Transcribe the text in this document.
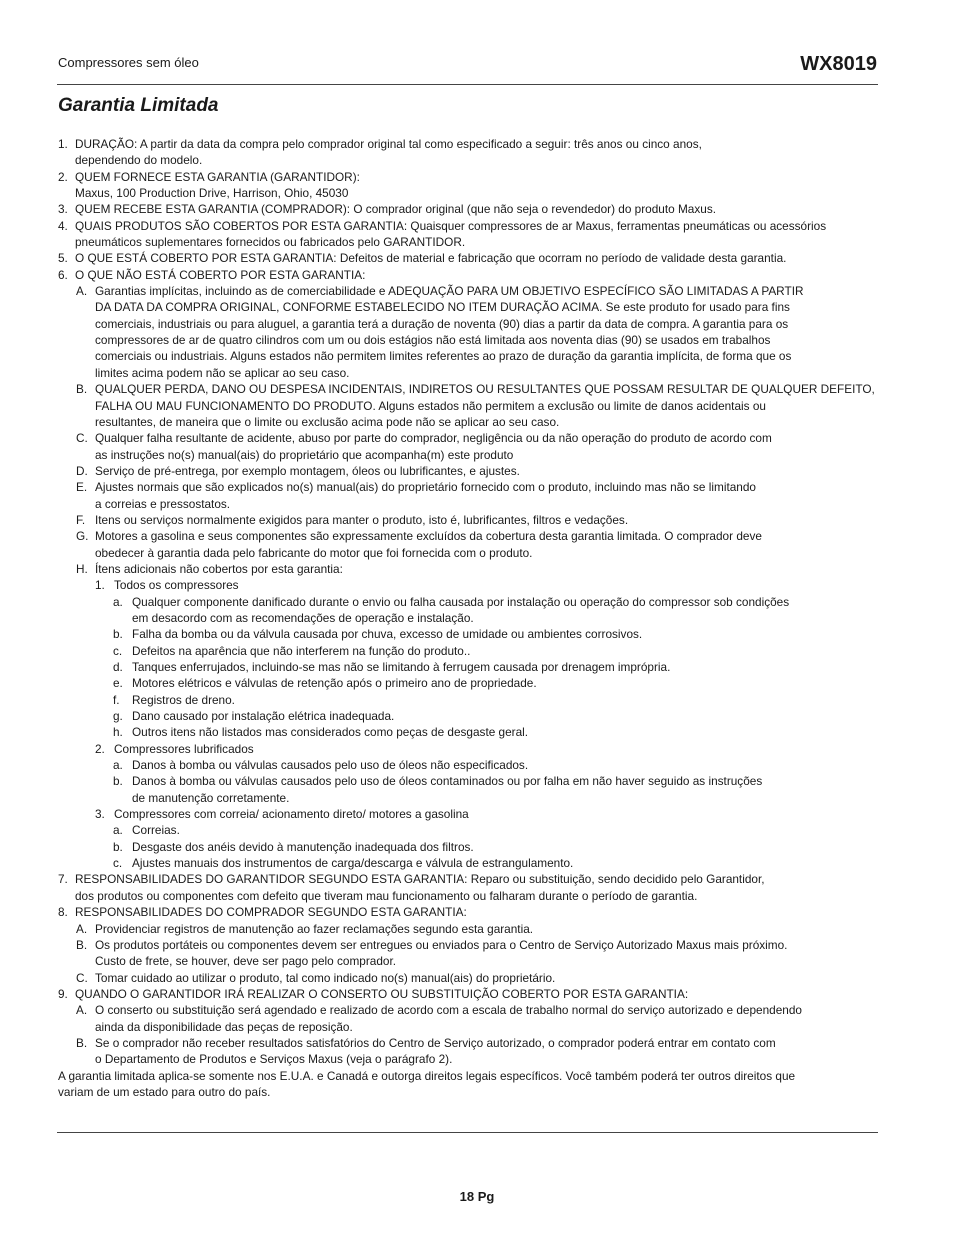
Compressores sem óleo	WX8019
Garantia Limitada

1. DURAÇÃO: A partir da data da compra pelo comprador original tal como especificado a seguir: três anos ou cinco anos,

dependendo do modelo.

2. QUEM FORNECE ESTA GARANTIA (GARANTIDOR):

Maxus, 100 Production Drive, Harrison, Ohio, 45030

3. QUEM RECEBE ESTA GARANTIA (COMPRADOR): O comprador original (que não seja o revendedor) do produto Maxus.

4. QUAIS PRODUTOS SÃO COBERTOS POR ESTA GARANTIA: Quaisquer compressores de ar Maxus, ferramentas pneumáticas ou acessórios

pneumáticos suplementares fornecidos ou fabricados pelo GARANTIDOR.

5. O QUE ESTÁ COBERTO POR ESTA GARANTIA: Defeitos de material e fabricação que ocorram no período de validade desta garantia.

6. O QUE NÃO ESTÁ COBERTO POR ESTA GARANTIA:

A. Garantias implícitas, incluindo as de comerciabilidade e ADEQUAÇÃO PARA UM OBJETIVO ESPECÍFICO SÃO LIMITADAS A PARTIR

DA DATA DA COMPRA ORIGINAL, CONFORME ESTABELECIDO NO ITEM DURAÇÃO ACIMA. Se este produto for usado para fins

comerciais, industriais ou para aluguel, a garantia terá a duração de noventa (90) dias a partir da data de compra. A garantia para os

compressores de ar de quatro cilindros com um ou dois estágios não está limitada aos noventa dias (90) se usados em trabalhos

comerciais ou industriais. Alguns estados não permitem limites referentes ao prazo de duração da garantia implícita, de forma que os

limites acima podem não se aplicar ao seu caso.

B. QUALQUER PERDA, DANO OU DESPESA INCIDENTAIS, INDIRETOS OU RESULTANTES QUE POSSAM RESULTAR DE QUALQUER DEFEITO,

FALHA OU MAU FUNCIONAMENTO DO PRODUTO. Alguns estados não permitem a exclusão ou limite de danos acidentais ou

resultantes, de maneira que o limite ou exclusão acima pode não se aplicar ao seu caso.

C. Qualquer falha resultante de acidente, abuso por parte do comprador, negligência ou da não operação do produto de acordo com

as instruções no(s) manual(ais) do proprietário que acompanha(m) este produto

D. Serviço de pré-entrega, por exemplo montagem, óleos ou lubrificantes, e ajustes.

E. Ajustes normais que são explicados no(s) manual(ais) do proprietário fornecido com o produto, incluindo mas não se limitando

a correias e pressostatos.

F. Itens ou serviços normalmente exigidos para manter o produto, isto é, lubrificantes, filtros e vedações.

G. Motores a gasolina e seus componentes são expressamente excluídos da cobertura desta garantia limitada. O comprador deve

obedecer à garantia dada pelo fabricante do motor que foi fornecida com o produto.

H. Ítens adicionais não cobertos por esta garantia:

1. Todos os compressores

a. Qualquer componente danificado durante o envio ou falha causada por instalação ou operação do compressor sob condições

em desacordo com as recomendações de operação e instalação.

b. Falha da bomba ou da válvula causada por chuva, excesso de umidade ou ambientes corrosivos.

c. Defeitos na aparência que não interferem na função do produto..

d. Tanques enferrujados, incluindo-se mas não se limitando à ferrugem causada por drenagem imprópria.

e. Motores elétricos e válvulas de retenção após o primeiro ano de propriedade.

f. Registros de dreno.

g. Dano causado por instalação elétrica inadequada.

h. Outros itens não listados mas considerados como peças de desgaste geral.

2. Compressores lubrificados

a. Danos à bomba ou válvulas causados pelo uso de óleos não especificados.

b. Danos à bomba ou válvulas causados pelo uso de óleos contaminados ou por falha em não haver seguido as instruções

de manutenção corretamente.

3. Compressores com correia/ acionamento direto/ motores a gasolina

a. Correias.

b. Desgaste dos anéis devido à manutenção inadequada dos filtros.

c. Ajustes manuais dos instrumentos de carga/descarga e válvula de estrangulamento.

7. RESPONSABILIDADES DO GARANTIDOR SEGUNDO ESTA GARANTIA: Reparo ou substituição, sendo decidido pelo Garantidor,

dos produtos ou componentes com defeito que tiveram mau funcionamento ou falharam durante o período de garantia.

8. RESPONSABILIDADES DO COMPRADOR SEGUNDO ESTA GARANTIA:

A. Providenciar registros de manutenção ao fazer reclamações segundo esta garantia.

B. Os produtos portáteis ou componentes devem ser entregues ou enviados para o Centro de Serviço Autorizado Maxus mais próximo.

Custo de frete, se houver, deve ser pago pelo comprador.

C. Tomar cuidado ao utilizar o produto, tal como indicado no(s) manual(ais) do proprietário.

9. QUANDO O GARANTIDOR IRÁ REALIZAR O CONSERTO OU SUBSTITUIÇÃO COBERTO POR ESTA GARANTIA:

A. O conserto ou substituição será agendado e realizado de acordo com a escala de trabalho normal do serviço autorizado e dependendo

ainda da disponibilidade das peças de reposição.

B. Se o comprador não receber resultados satisfatórios do Centro de Serviço autorizado, o comprador poderá entrar em contato com

o Departamento de Produtos e Serviços Maxus (veja o parágrafo 2).

A garantia limitada aplica-se somente nos E.U.A. e Canadá e outorga direitos legais específicos. Você também poderá ter outros direitos que

variam de um estado para outro do país.

18 Pg
